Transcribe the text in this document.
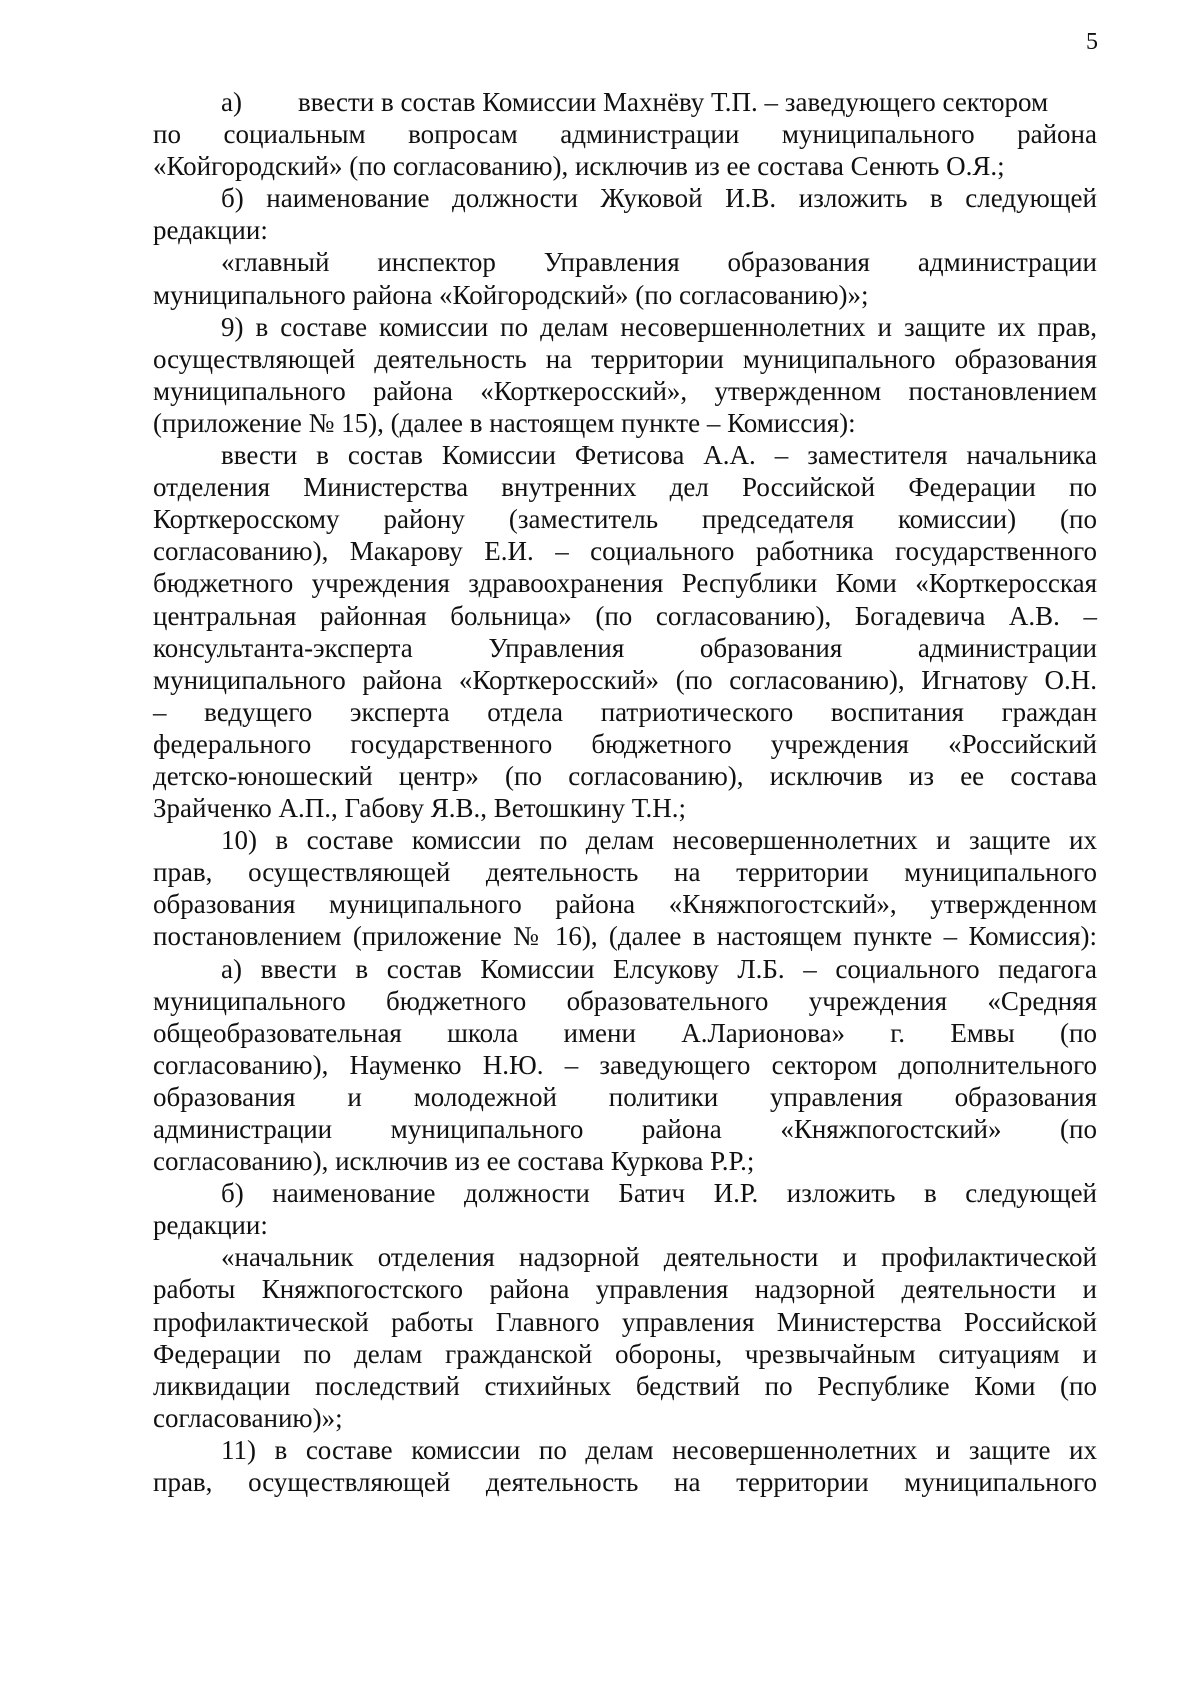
5
а) ввести в состав Комиссии Махнёву Т.П. – заведующего сектором
по социальным вопросам администрации муниципального района
«Койгородский» (по согласованию), исключив из ее состава Сенють О.Я.;
б) наименование должности Жуковой И.В. изложить в следующей
редакции:
«главный инспектор Управления образования администрации
муниципального района «Койгородский» (по согласованию)»;
9) в составе комиссии по делам несовершеннолетних и защите их прав,
осуществляющей деятельность на территории муниципального образования
муниципального района «Корткеросский», утвержденном постановлением
(приложение № 15), (далее в настоящем пункте – Комиссия):
ввести в состав Комиссии Фетисова А.А. – заместителя начальника
отделения Министерства внутренних дел Российской Федерации по
Корткеросскому району (заместитель председателя комиссии) (по
согласованию), Макарову Е.И. – социального работника государственного
бюджетного учреждения здравоохранения Республики Коми «Корткеросская
центральная районная больница» (по согласованию), Богадевича А.В. –
консультанта-эксперта Управления образования администрации
муниципального района «Корткеросский» (по согласованию), Игнатову О.Н.
– ведущего эксперта отдела патриотического воспитания граждан
федерального государственного бюджетного учреждения «Российский
детско-юношеский центр» (по согласованию), исключив из ее состава
Зрайченко А.П., Габову Я.В., Ветошкину Т.Н.;
10) в составе комиссии по делам несовершеннолетних и защите их
прав, осуществляющей деятельность на территории муниципального
образования муниципального района «Княжпогостский», утвержденном
постановлением (приложение № 16), (далее в настоящем пункте – Комиссия):
а) ввести в состав Комиссии Елсукову Л.Б. – социального педагога
муниципального бюджетного образовательного учреждения «Средняя
общеобразовательная школа имени А.Ларионова» г. Емвы (по
согласованию), Науменко Н.Ю. – заведующего сектором дополнительного
образования и молодежной политики управления образования
администрации муниципального района «Княжпогостский» (по
согласованию), исключив из ее состава Куркова Р.Р.;
б) наименование должности Батич И.Р. изложить в следующей
редакции:
«начальник отделения надзорной деятельности и профилактической
работы Княжпогостского района управления надзорной деятельности и
профилактической работы Главного управления Министерства Российской
Федерации по делам гражданской обороны, чрезвычайным ситуациям и
ликвидации последствий стихийных бедствий по Республике Коми (по
согласованию)»;
11) в составе комиссии по делам несовершеннолетних и защите их
прав, осуществляющей деятельность на территории муниципального
